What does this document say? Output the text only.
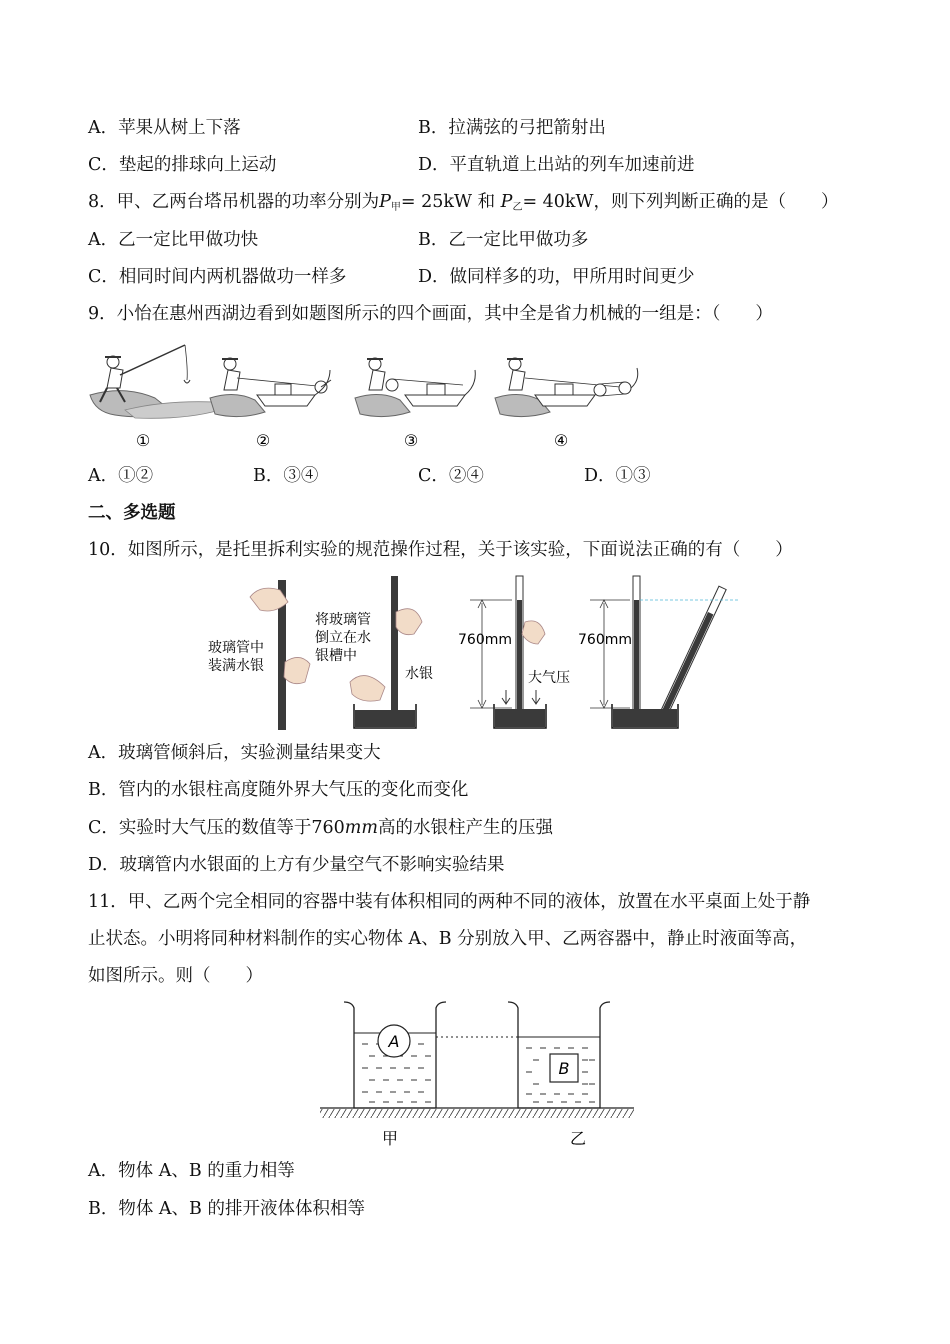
A．苹果从树上下落	B．拉满弦的弓把箭射出
C．垫起的排球向上运动	D．平直轨道上出站的列车加速前进
8．甲、乙两台塔吊机器的功率分别为$P_甲= 25kW$ 和 $P_乙= 40kW$，则下列判断正确的是（　　）
A．乙一定比甲做功快	B．乙一定比甲做功多
C．相同时间内两机器做功一样多	D．做同样多的功，甲所用时间更少
9．小怡在惠州西湖边看到如题图所示的四个画面，其中全是省力机械的一组是：（　　）
①	②	③	④
A．①②	B．③④	C．②④	D．①③
二、多选题
10．如图所示，是托里拆利实验的规范操作过程，关于该实验，下面说法正确的有（　　）
玻璃管中
装满水银
将玻璃管
倒立在水
银槽中
水银
760mm
大气压
760mm
A．玻璃管倾斜后，实验测量结果变大
B．管内的水银柱高度随外界大气压的变化而变化
C．实验时大气压的数值等于760mm高的水银柱产生的压强
D．玻璃管内水银面的上方有少量空气不影响实验结果
11．甲、乙两个完全相同的容器中装有体积相同的两种不同的液体，放置在水平桌面上处于静
止状态。小明将同种材料制作的实心物体 A、B 分别放入甲、乙两容器中，静止时液面等高，
如图所示。则（　　）
A
B
甲	乙
A．物体 A、B 的重力相等
B．物体 A、B 的排开液体体积相等
